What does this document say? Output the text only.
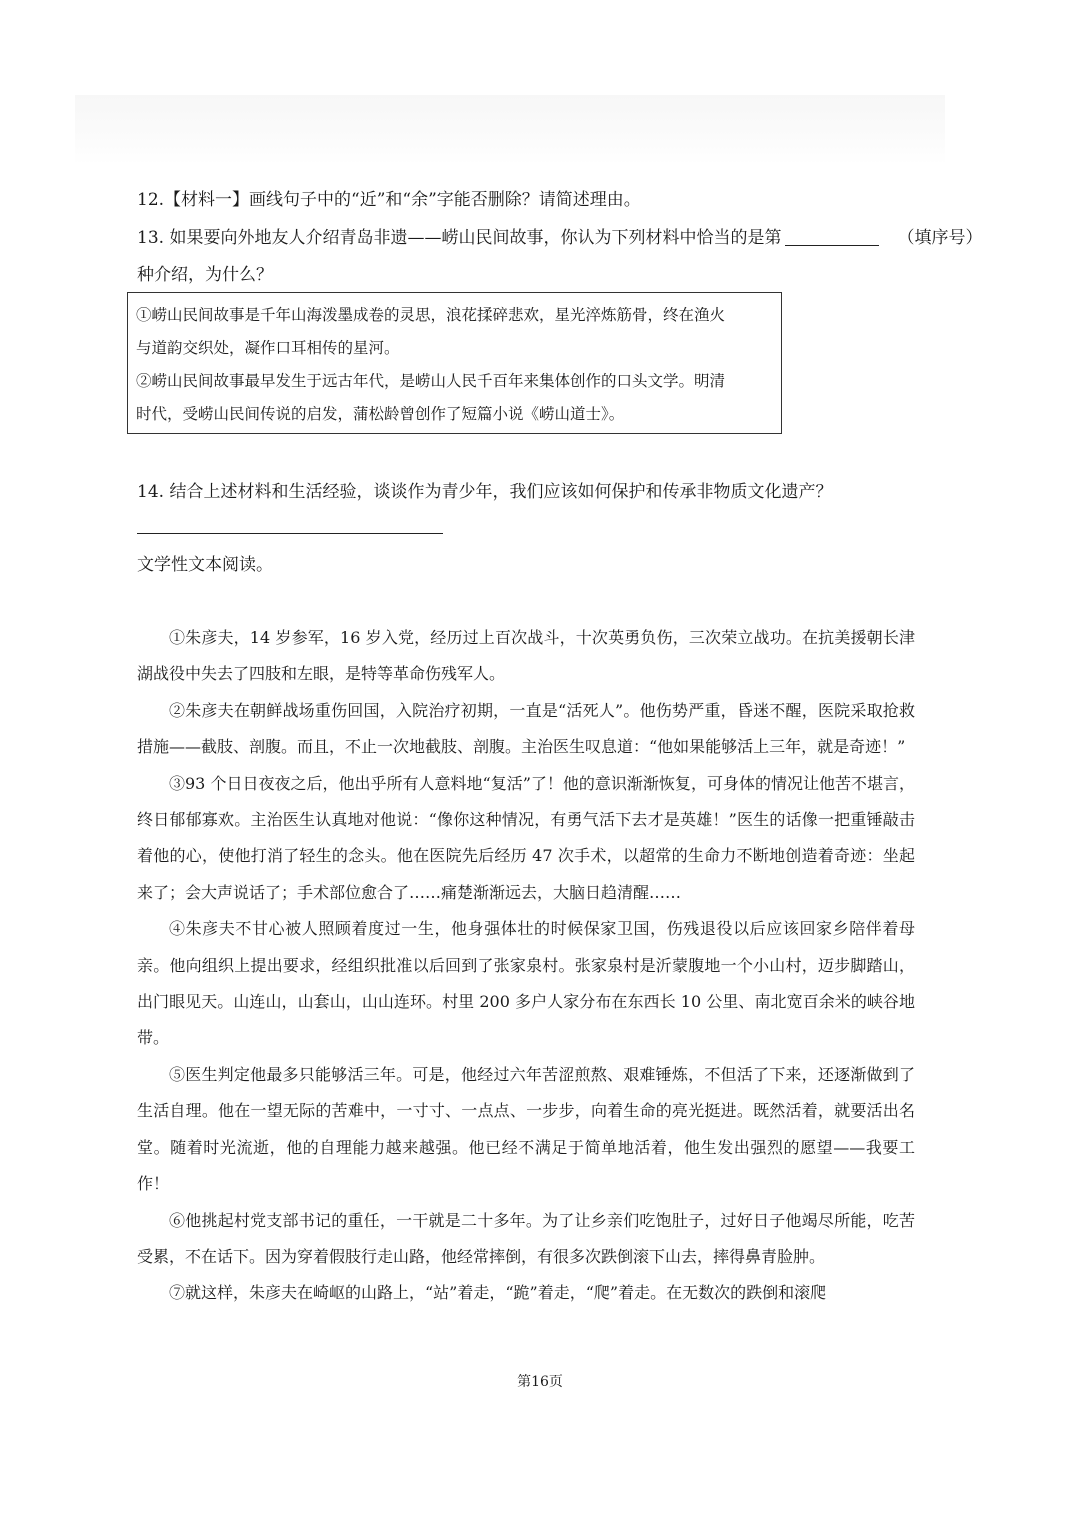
12.【材料一】画线句子中的“近”和“余”字能否删除？请简述理由。
13. 如果要向外地友人介绍青岛非遗——崂山民间故事，你认为下列材料中恰当的是第	（填序号）
种介绍，为什么？
①崂山民间故事是千年山海泼墨成卷的灵思，浪花揉碎悲欢，星光淬炼筋骨，终在渔火
与道韵交织处，凝作口耳相传的星河。
②崂山民间故事最早发生于远古年代，是崂山人民千百年来集体创作的口头文学。明清
时代，受崂山民间传说的启发，蒲松龄曾创作了短篇小说《崂山道士》。
14. 结合上述材料和生活经验，谈谈作为青少年，我们应该如何保护和传承非物质文化遗产？
文学性文本阅读。

①朱彦夫，14 岁参军，16 岁入党，经历过上百次战斗，十次英勇负伤，三次荣立战功。在抗美援朝长津湖战役中失去了四肢和左眼，是特等革命伤残军人。

②朱彦夫在朝鲜战场重伤回国，入院治疗初期，一直是“活死人”。他伤势严重，昏迷不醒，医院采取抢救措施——截肢、剖腹。而且，不止一次地截肢、剖腹。主治医生叹息道：“他如果能够活上三年，就是奇迹！”

③93 个日日夜夜之后，他出乎所有人意料地“复活”了！他的意识渐渐恢复，可身体的情况让他苦不堪言，终日郁郁寡欢。主治医生认真地对他说：“像你这种情况，有勇气活下去才是英雄！”医生的话像一把重锤敲击着他的心，使他打消了轻生的念头。他在医院先后经历 47 次手术，以超常的生命力不断地创造着奇迹：坐起来了；会大声说话了；手术部位愈合了……痛楚渐渐远去，大脑日趋清醒……

④朱彦夫不甘心被人照顾着度过一生，他身强体壮的时候保家卫国，伤残退役以后应该回家乡陪伴着母亲。他向组织上提出要求，经组织批准以后回到了张家泉村。张家泉村是沂蒙腹地一个小山村，迈步脚踏山，出门眼见天。山连山，山套山，山山连环。村里 200 多户人家分布在东西长 10 公里、南北宽百余米的峡谷地带。

⑤医生判定他最多只能够活三年。可是，他经过六年苦涩煎熬、艰难锤炼，不但活了下来，还逐渐做到了生活自理。他在一望无际的苦难中，一寸寸、一点点、一步步，向着生命的亮光挺进。既然活着，就要活出名堂。随着时光流逝，他的自理能力越来越强。他已经不满足于简单地活着，他生发出强烈的愿望——我要工作！

⑥他挑起村党支部书记的重任，一干就是二十多年。为了让乡亲们吃饱肚子，过好日子他竭尽所能，吃苦受累，不在话下。因为穿着假肢行走山路，他经常摔倒，有很多次跌倒滚下山去，摔得鼻青脸肿。

⑦就这样，朱彦夫在崎岖的山路上，“站”着走，“跪”着走，“爬”着走。在无数次的跌倒和滚爬

第16页
